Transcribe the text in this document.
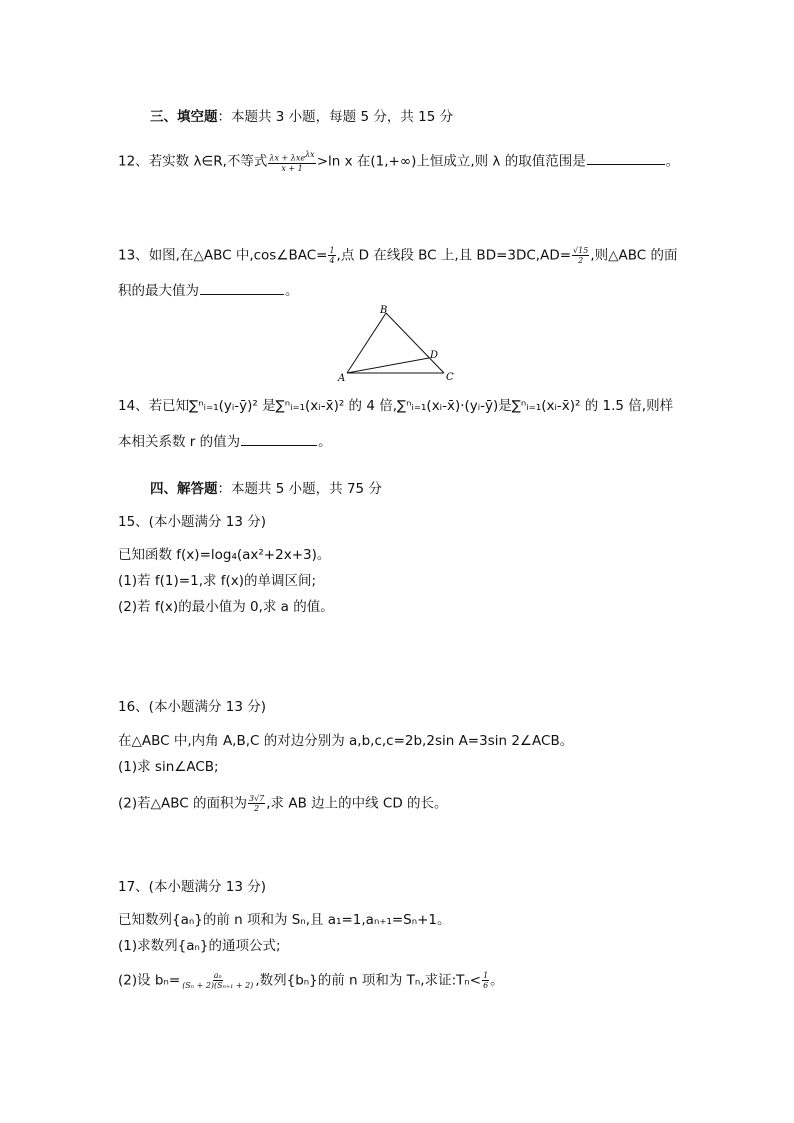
三、填空题：本题共 3 小题，每题 5 分，共 15 分
12、若实数 λ∈R,不等式 $\frac{\lambda x + \lambda xe^{\lambda x}}{x + 1} >\ln$ x 在(1,+∞)上恒成立,则 λ 的取值范围是	。
13、如图,在△ABC 中,cos∠BAC= $\frac{1}{4}$ ,点 D 在线段 BC 上,且 $BD=3DC,AD= \frac{√15}{2}$ ,则△ABC 的面
积的最大值为	。
B
D
A	C
14、若已知∑ⁿᵢ₌₁(yᵢ-ȳ)² 是∑ⁿᵢ₌₁(xᵢ-x̄)² 的 4 倍,∑ⁿᵢ₌₁(xᵢ-x̄)·(yᵢ-ȳ)是∑ⁿᵢ₌₁(xᵢ-x̄)² 的 1.5 倍,则样
本相关系数 r 的值为	。
四、解答题：本题共 5 小题，共 75 分
15、(本小题满分 13 分)
已知函数 f(x)=log₄(ax²+2x+3)。
(1)若 f(1)=1,求 f(x)的单调区间;
(2)若 f(x)的最小值为 0,求 a 的值。
16、(本小题满分 13 分)
在△ABC 中,内角 A,B,C 的对边分别为 a,b,c,c=2b,2sin A=3sin 2∠ACB。
(1)求 sin∠ACB;
(2)若△ABC 的面积为 $\frac{3√7}{2}$ ,求 AB 边上的中线 CD 的长。
17、(本小题满分 13 分)
已知数列{aₙ}的前 n 项和为 Sₙ,且 a₁=1,aₙ₊₁=Sₙ+1。
(1)求数列{aₙ}的通项公式;
(2)设 $b_n= \frac{\text{aₙ}}{\text{(Sₙ + 2)(Sₙ₊₁ + 2)}}$ ,数列{bₙ}的前 n 项和为 Tₙ,求证:Tₙ< $\frac{1}{6}$ 。
